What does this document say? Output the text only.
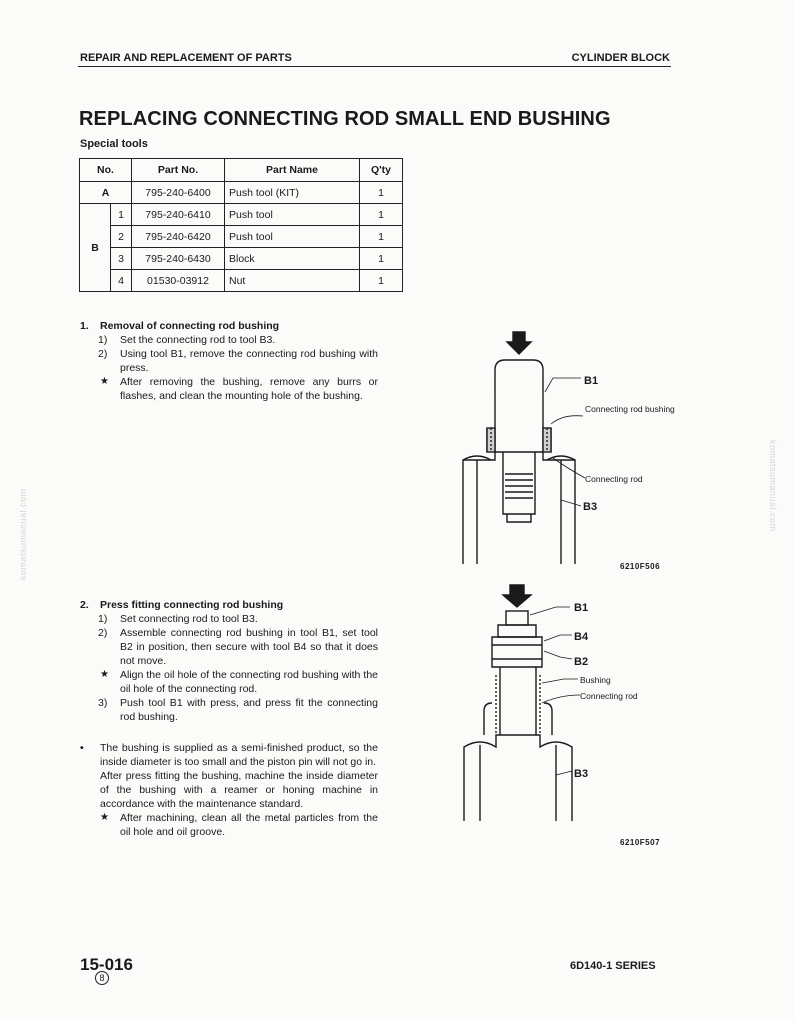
REPAIR AND REPLACEMENT OF PARTS	CYLINDER BLOCK
REPLACING CONNECTING ROD SMALL END BUSHING
Special tools
No.		Part No.	Part Name	Q'ty
A		795-240-6400	Push tool (KIT)	1
B	1	795-240-6410	Push tool	1
	2	795-240-6420	Push tool	1
	3	795-240-6430	Block	1
	4	01530-03912	Nut	1
1. Removal of connecting rod bushing
1) Set the connecting rod to tool B3.
2) Using tool B1, remove the connecting rod bushing with press.
★ After removing the bushing, remove any burrs or flashes, and clean the mounting hole of the bushing.
B1
Connecting rod bushing
Connecting rod
B3
6210F506
2. Press fitting connecting rod bushing
1) Set connecting rod to tool B3.
2) Assemble connecting rod bushing in tool B1, set tool B2 in position, then secure with tool B4 so that it does not move.
★ Align the oil hole of the connecting rod bushing with the oil hole of the connecting rod.
3) Push tool B1 with press, and press fit the connecting rod bushing.
• The bushing is supplied as a semi-finished product, so the inside diameter is too small and the piston pin will not go in.
After press fitting the bushing, machine the inside diameter of the bushing with a reamer or honing machine in accordance with the maintenance standard.
★ After machining, clean all the metal particles from the oil hole and oil groove.
B1
B4
B2
Bushing
Connecting rod
B3
6210F507
15-016
8
6D140-1 SERIES
komatsumanual.com
komatsumanual.com
